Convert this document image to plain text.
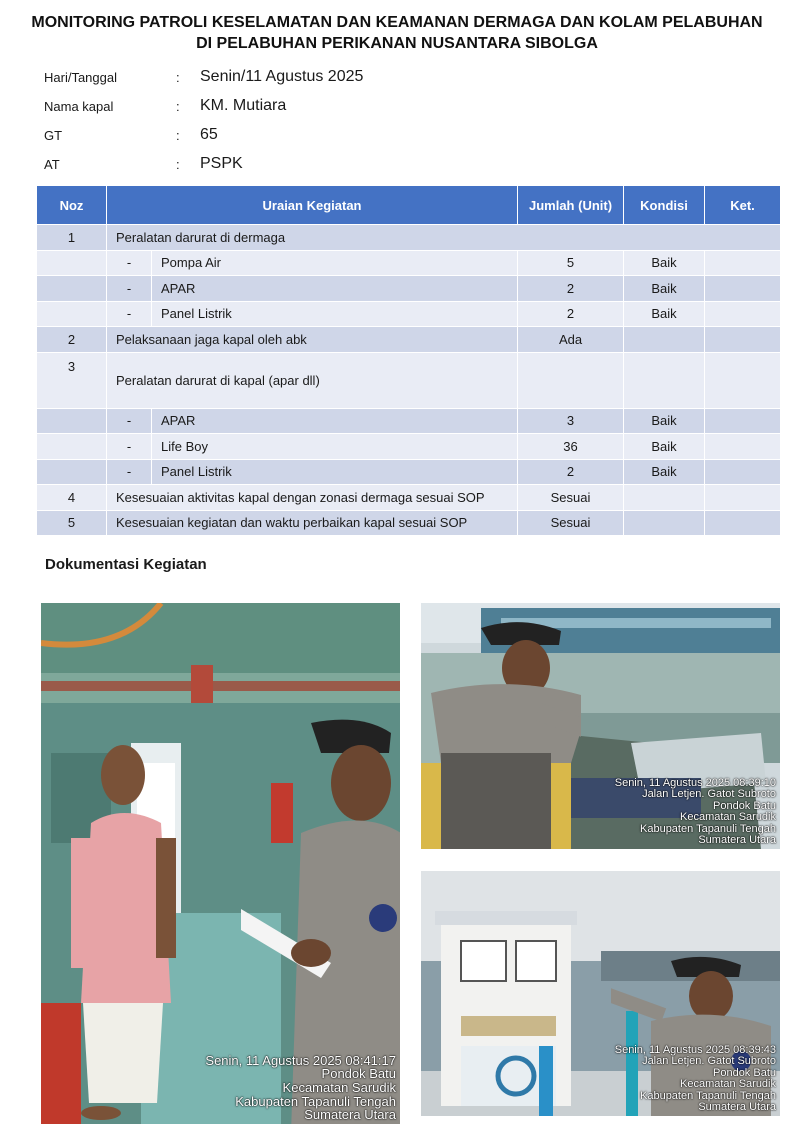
MONITORING PATROLI KESELAMATAN DAN KEAMANAN DERMAGA DAN KOLAM PELABUHAN
DI PELABUHAN PERIKANAN NUSANTARA SIBOLGA
Hari/Tanggal	: Senin/11 Agustus 2025
Nama kapal	: KM. Mutiara
GT	: 65
AT	: PSPK
Noz	Uraian Kegiatan		Jumlah (Unit)	Kondisi	Ket.
1	Peralatan darurat di dermaga				
	-	Pompa Air	5	Baik	
	-	APAR	2	Baik	
	-	Panel Listrik	2	Baik	
2	Pelaksanaan jaga kapal oleh abk		Ada		
3	Peralatan darurat di kapal (apar dll)				
	-	APAR	3	Baik	
	-	Life Boy	36	Baik	
	-	Panel Listrik	2	Baik	
4	Kesesuaian aktivitas kapal dengan zonasi dermaga sesuai SOP		Sesuai		
5	Kesesuaian kegiatan dan waktu perbaikan kapal sesuai SOP		Sesuai		
Dokumentasi Kegiatan
Senin, 11 Agustus 2025 08:41:17
Pondok Batu
Kecamatan Sarudik
Kabupaten Tapanuli Tengah
Sumatera Utara
Senin, 11 Agustus 2025 08:39:10
Jalan Letjen. Gatot Subroto
Pondok Batu
Kecamatan Sarudik
Kabupaten Tapanuli Tengah
Sumatera Utara
Senin, 11 Agustus 2025 08:39:43
Jalan Letjen. Gatot Subroto
Pondok Batu
Kecamatan Sarudik
Kabupaten Tapanuli Tengah
Sumatera Utara
